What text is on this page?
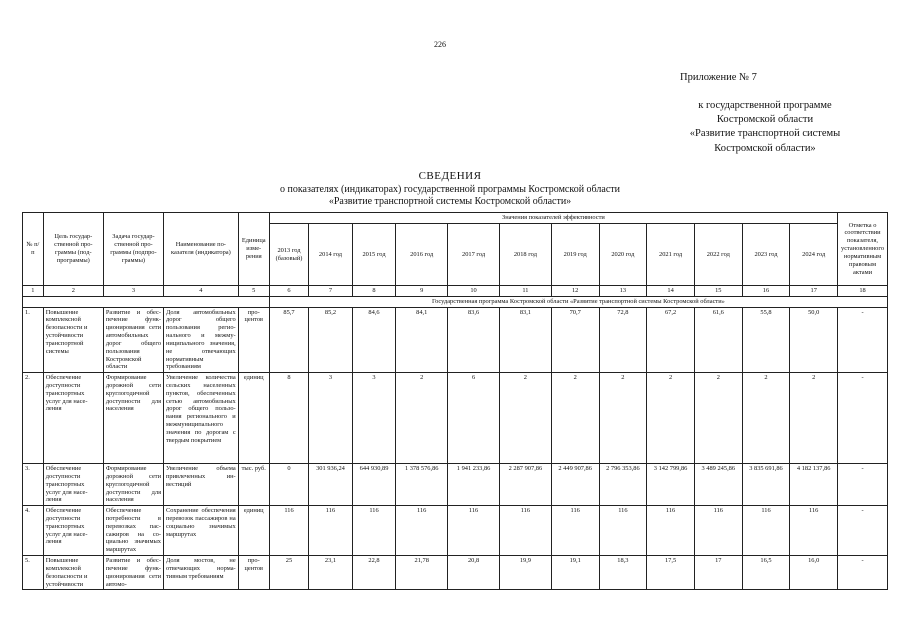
226
Приложение № 7
к государственной программе
Костромской области
«Развитие транспортной системы
Костромской области»
СВЕДЕНИЯ
о показателях (индикаторах) государственной программы Костромской области
«Развитие транспортной системы Костромской области»
№ п/п	Цель государственной программы (подпрограммы)	Задача государственной программы (подпрограммы)	Наименование показателя (индикатора)	Единица измерения	Значения показателей эффективности												Отметка о соответствии показателя, установленного нормативным правовым актами
					2013 год (базовый)	2014 год	2015 год	2016 год	2017 год	2018 год	2019 год	2020 год	2021 год	2022 год	2023 год	2024 год	
1	2	3	4	5	6	7	8	9	10	11	12	13	14	15	16	17	18
					Государственная программа Костромской области «Развитие транспортной системы Костромской области»												
1.	Повышение комплексной безопасности и устойчивости транспортной системы	Развитие и обеспечение функционирования сети автомобильных дорог общего пользования Костромской области	Доля автомобильных дорог общего пользования регионального и межмуниципального значения, не отвечающих нормативным требованиям	процентов	85,7	85,2	84,6	84,1	83,6	83,1	70,7	72,8	67,2	61,6	55,8	50,0	-
2.	Обеспечение доступности транспортных услуг для населения	Формирование дорожной сети круглогодичной доступности для населения	Увеличение количества сельских населенных пунктов, обеспеченных сетью автомобильных дорог общего пользования регионального и межмуниципального значения по дорогам с твердым покрытием	единиц	8	3	3	2	6	2	2	2	2	2	2	2	-
3.	Обеспечение доступности транспортных услуг для населения	Формирование дорожной сети круглогодичной доступности для населения	Увеличение объема привлеченных инвестиций	тыс. руб.	0	301 936,24	644 930,89	1 378 576,86	1 941 233,86	2 287 907,86	2 449 907,86	2 796 353,86	3 142 799,86	3 489 245,86	3 835 691,86	4 182 137,86	-
4.	Обеспечение доступности транспортных услуг для населения	Обеспечение потребности в перевозках пассажиров на социально значимых маршрутах	Сохранение обеспечения перевозок пассажиров на социально значимых маршрутах	единиц	116	116	116	116	116	116	116	116	116	116	116	116	-
5.	Повышение комплексной безопасности и устойчивости	Развитие и обеспечение функционирования сети автомо-	Доля мостов, не отвечающих нормативным требованиям	процентов	25	23,1	22,8	21,78	20,8	19,9	19,1	18,3	17,5	17	16,5	16,0	-
